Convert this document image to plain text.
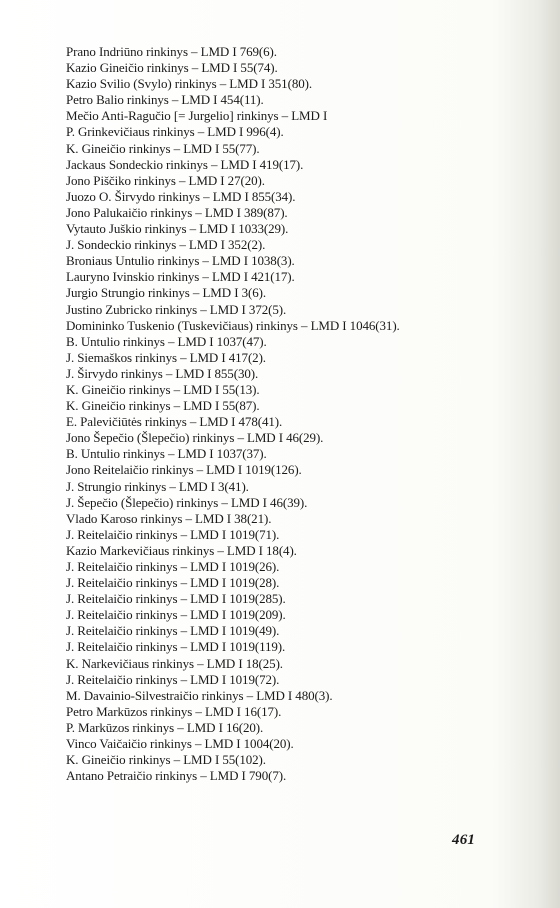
Prano Indriūno rinkinys – LMD I 769(6).
Kazio Gineičio rinkinys – LMD I 55(74).
Kazio Svilio (Svylo) rinkinys – LMD I 351(80).
Petro Balio rinkinys – LMD I 454(11).
Mečio Anti-Ragučio [= Jurgelio] rinkinys – LMD I
P. Grinkevičiaus rinkinys – LMD I 996(4).
K. Gineičio rinkinys – LMD I 55(77).
Jackaus Sondeckio rinkinys – LMD I 419(17).
Jono Piščiko rinkinys – LMD I 27(20).
Juozo O. Širvydo rinkinys – LMD I 855(34).
Jono Palukaičio rinkinys – LMD I 389(87).
Vytauto Juškio rinkinys – LMD I 1033(29).
J. Sondeckio rinkinys – LMD I 352(2).
Broniaus Untulio rinkinys – LMD I 1038(3).
Lauryno Ivinskio rinkinys – LMD I 421(17).
Jurgio Strungio rinkinys – LMD I 3(6).
Justino Zubricko rinkinys – LMD I 372(5).
Domininko Tuskenio (Tuskevičiaus) rinkinys – LMD I 1046(31).
B. Untulio rinkinys – LMD I 1037(47).
J. Siemaškos rinkinys – LMD I 417(2).
J. Širvydo rinkinys – LMD I 855(30).
K. Gineičio rinkinys – LMD I 55(13).
K. Gineičio rinkinys – LMD I 55(87).
E. Palevičiūtės rinkinys – LMD I 478(41).
Jono Šepečio (Šlepečio) rinkinys – LMD I 46(29).
B. Untulio rinkinys – LMD I 1037(37).
Jono Reitelaičio rinkinys – LMD I 1019(126).
J. Strungio rinkinys – LMD I 3(41).
J. Šepečio (Šlepečio) rinkinys – LMD I 46(39).
Vlado Karoso rinkinys – LMD I 38(21).
J. Reitelaičio rinkinys – LMD I 1019(71).
Kazio Markevičiaus rinkinys – LMD I 18(4).
J. Reitelaičio rinkinys – LMD I 1019(26).
J. Reitelaičio rinkinys – LMD I 1019(28).
J. Reitelaičio rinkinys – LMD I 1019(285).
J. Reitelaičio rinkinys – LMD I 1019(209).
J. Reitelaičio rinkinys – LMD I 1019(49).
J. Reitelaičio rinkinys – LMD I 1019(119).
K. Narkevičiaus rinkinys – LMD I 18(25).
J. Reitelaičio rinkinys – LMD I 1019(72).
M. Davainio-Silvestraičio rinkinys – LMD I 480(3).
Petro Markūzos rinkinys – LMD I 16(17).
P. Markūzos rinkinys – LMD I 16(20).
Vinco Vaičaičio rinkinys – LMD I 1004(20).
K. Gineičio rinkinys – LMD I 55(102).
Antano Petraičio rinkinys – LMD I 790(7).
461
